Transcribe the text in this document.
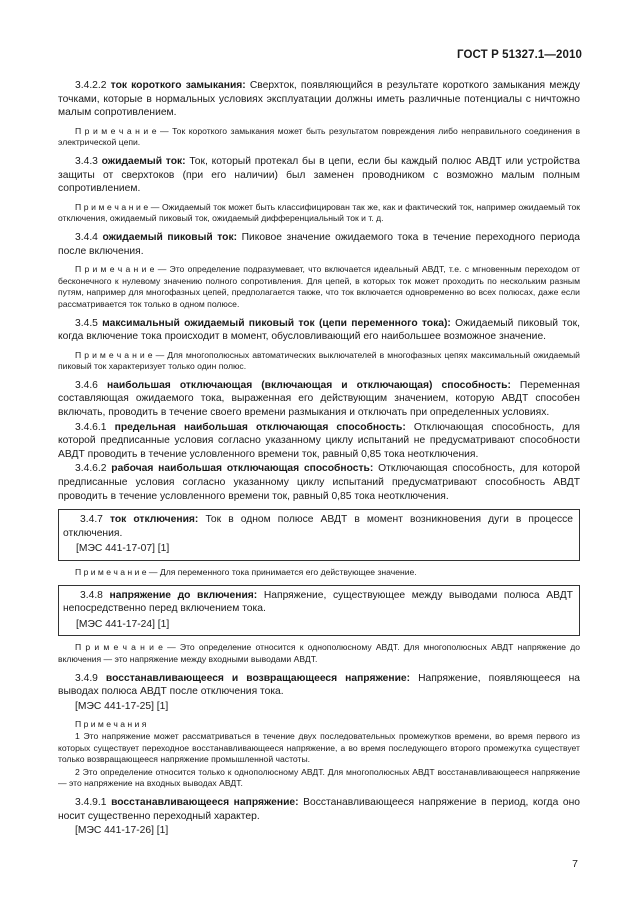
ГОСТ Р 51327.1—2010

3.4.2.2 ток короткого замыкания: Сверхток, появляющийся в результате короткого замыкания между точками, которые в нормальных условиях эксплуатации должны иметь различные потенциалы с ничтожно малым сопротивлением.

П р и м е ч а н и е — Ток короткого замыкания может быть результатом повреждения либо неправильного соединения в электрической цепи.

3.4.3 ожидаемый ток: Ток, который протекал бы в цепи, если бы каждый полюс АВДТ или устройства защиты от сверхтоков (при его наличии) был заменен проводником с возможно малым полным сопротивлением.

П р и м е ч а н и е — Ожидаемый ток может быть классифицирован так же, как и фактический ток, например ожидаемый ток отключения, ожидаемый пиковый ток, ожидаемый дифференциальный ток и т. д.

3.4.4 ожидаемый пиковый ток: Пиковое значение ожидаемого тока в течение переходного периода после включения.

П р и м е ч а н и е — Это определение подразумевает, что включается идеальный АВДТ, т.е. с мгновенным переходом от бесконечного к нулевому значению полного сопротивления. Для цепей, в которых ток может проходить по нескольким разным путям, например для многофазных цепей, предполагается также, что ток включается одновременно во всех полюсах, даже если рассматривается ток только в одном полюсе.

3.4.5 максимальный ожидаемый пиковый ток (цепи переменного тока): Ожидаемый пиковый ток, когда включение тока происходит в момент, обусловливающий его наибольшее возможное значение.

П р и м е ч а н и е — Для многополюсных автоматических выключателей в многофазных цепях максимальный ожидаемый пиковый ток характеризует только один полюс.

3.4.6 наибольшая отключающая (включающая и отключающая) способность: Переменная составляющая ожидаемого тока, выраженная его действующим значением, которую АВДТ способен включать, проводить в течение своего времени размыкания и отключать при определенных условиях.

3.4.6.1 предельная наибольшая отключающая способность: Отключающая способность, для которой предписанные условия согласно указанному циклу испытаний не предусматривают способности АВДТ проводить в течение условленного времени ток, равный 0,85 тока неотключения.

3.4.6.2 рабочая наибольшая отключающая способность: Отключающая способность, для которой предписанные условия согласно указанному циклу испытаний предусматривают способность АВДТ проводить в течение условленного времени ток, равный 0,85 тока неотключения.

3.4.7 ток отключения: Ток в одном полюсе АВДТ в момент возникновения дуги в процессе отключения.

[МЭС 441-17-07] [1]

П р и м е ч а н и е — Для переменного тока принимается его действующее значение.

3.4.8 напряжение до включения: Напряжение, существующее между выводами полюса АВДТ непосредственно перед включением тока.

[МЭС 441-17-24] [1]

П р и м е ч а н и е — Это определение относится к однополюсному АВДТ. Для многополюсных АВДТ напряжение до включения — это напряжение между входными выводами АВДТ.

3.4.9 восстанавливающееся и возвращающееся напряжение: Напряжение, появляющееся на выводах полюса АВДТ после отключения тока.

[МЭС 441-17-25] [1]

П р и м е ч а н и я

1 Это напряжение может рассматриваться в течение двух последовательных промежутков времени, во время первого из которых существует переходное восстанавливающееся напряжение, а во время последующего второго промежутка существует только возвращающееся напряжение промышленной частоты.

2 Это определение относится только к однополюсному АВДТ. Для многополюсных АВДТ восстанавливающееся напряжение — это напряжение на входных выводах АВДТ.

3.4.9.1 восстанавливающееся напряжение: Восстанавливающееся напряжение в период, когда оно носит существенно переходный характер.

[МЭС 441-17-26] [1]

7
